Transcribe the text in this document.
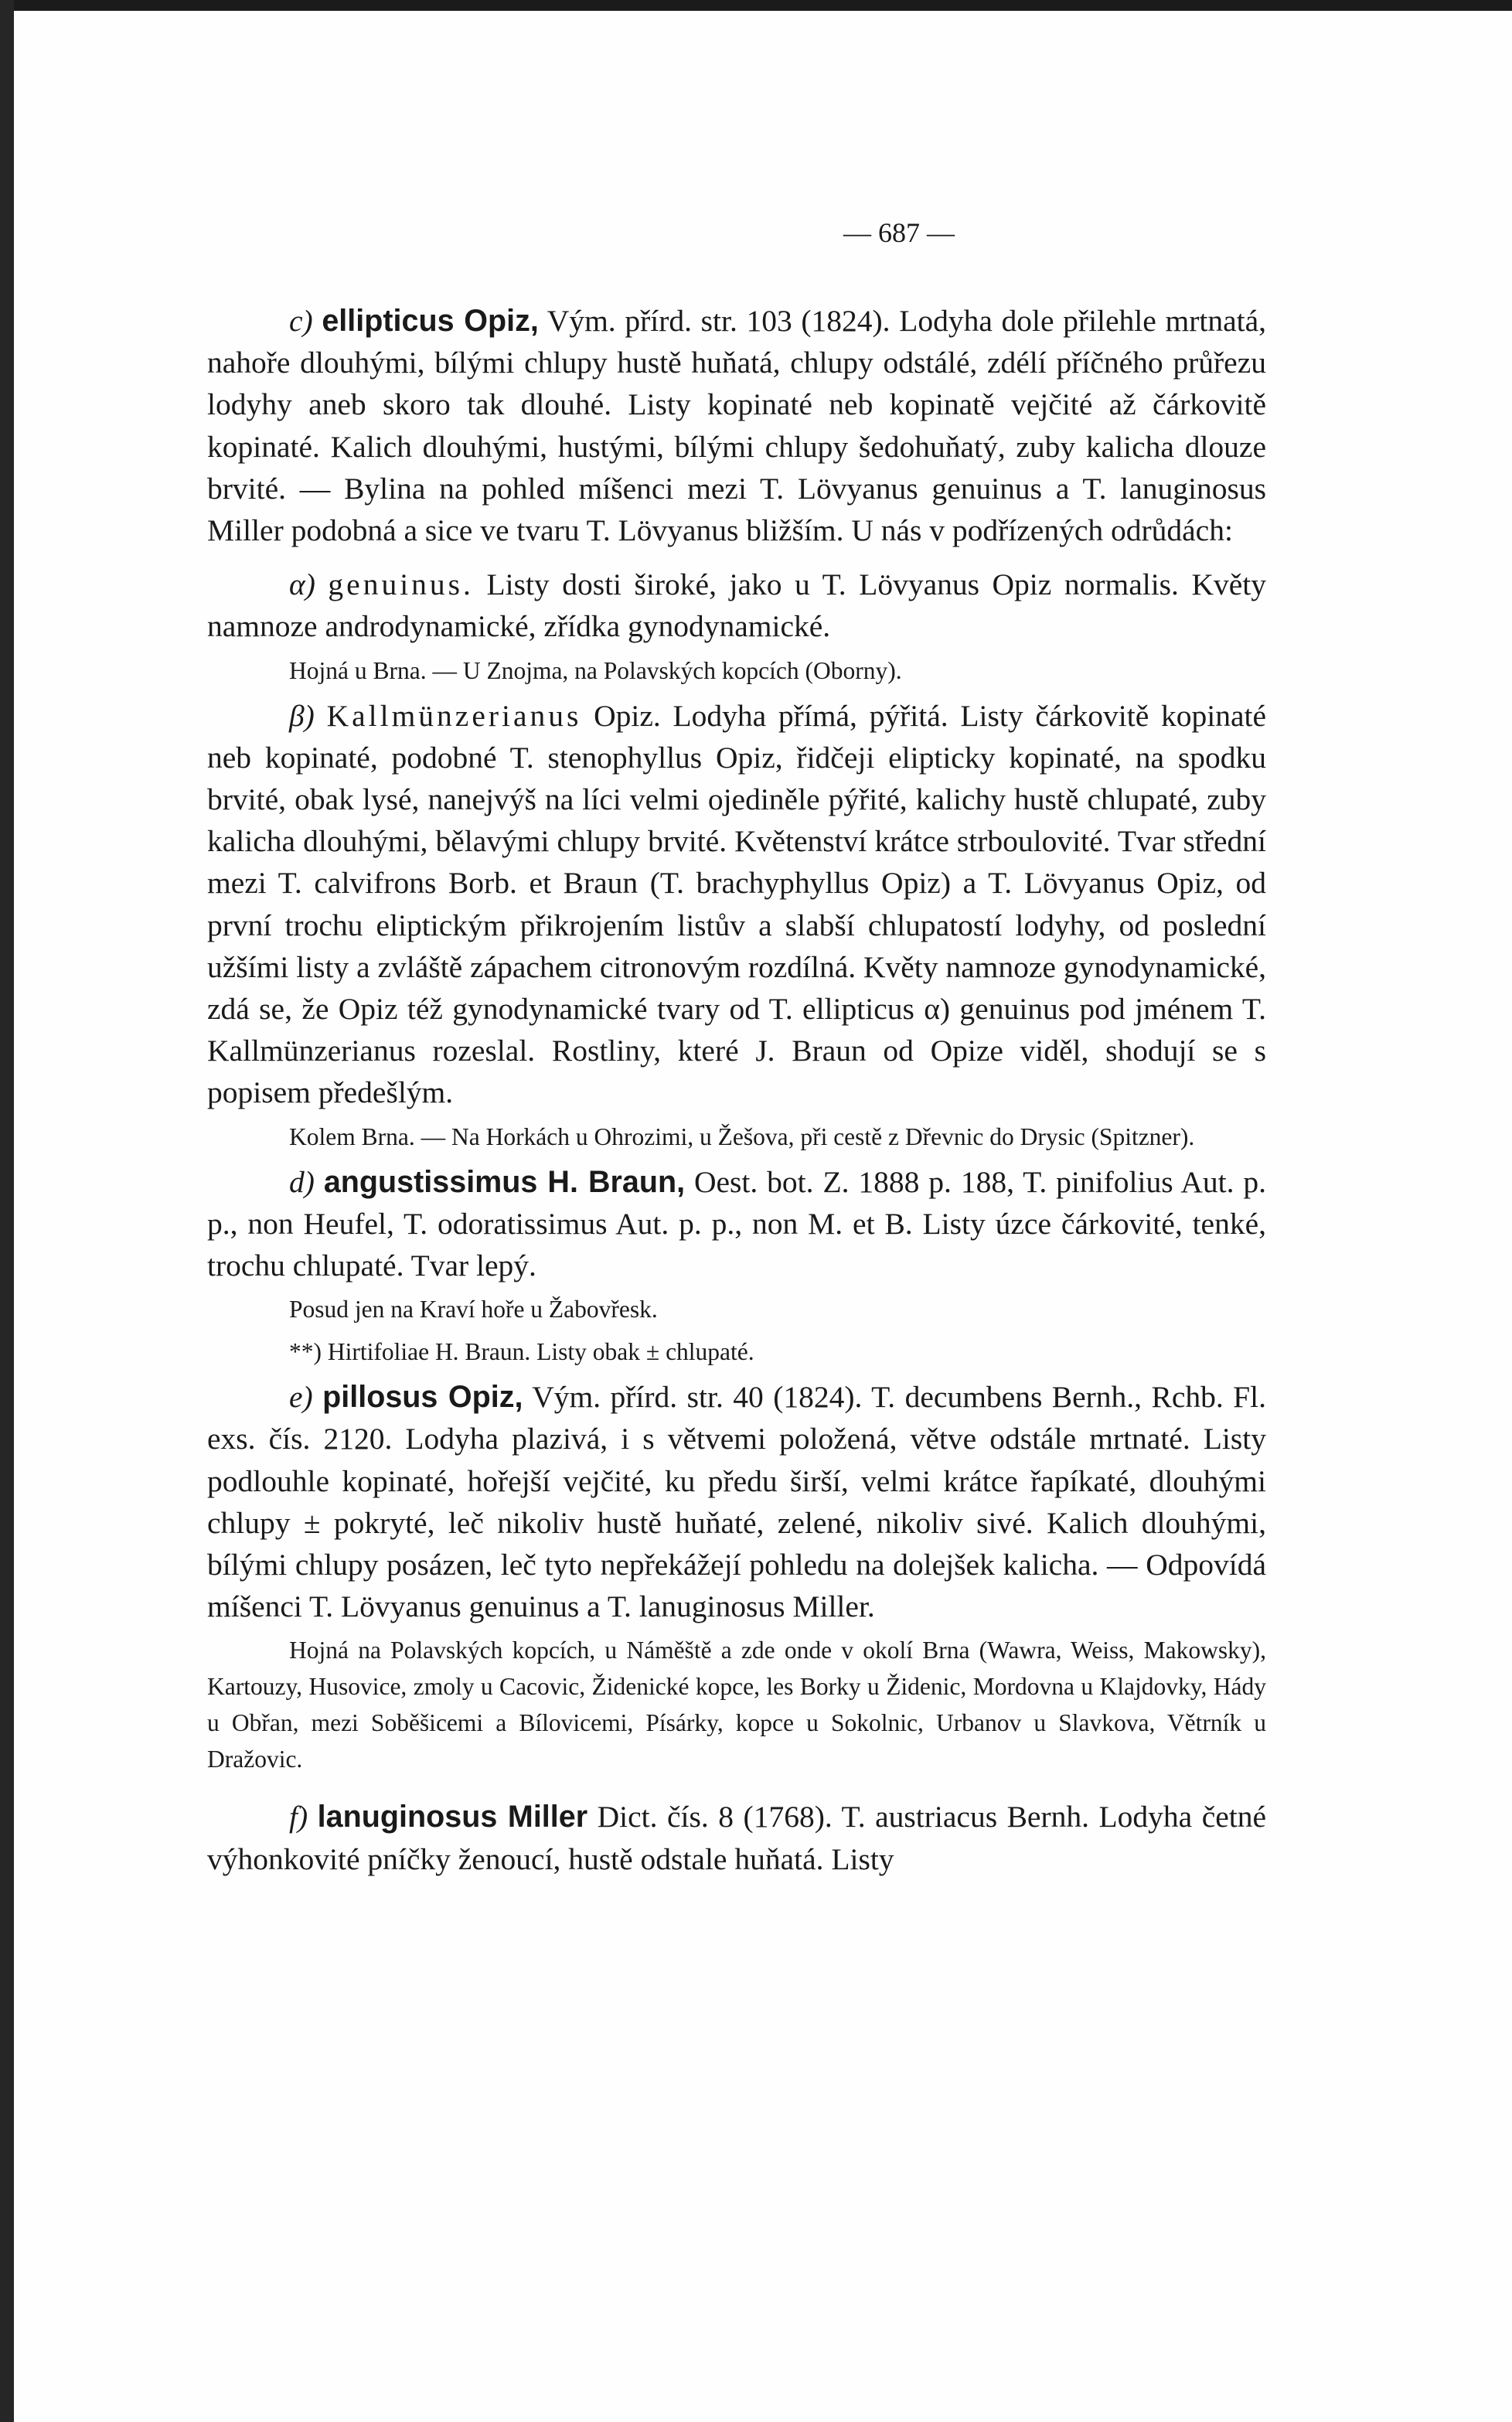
— 687 —

c) ellipticus Opiz, Vým. přírd. str. 103 (1824). Lodyha dole přilehle mrtnatá, nahoře dlouhými, bílými chlupy hustě huňatá, chlupy odstálé, zdélí příčného průřezu lodyhy aneb skoro tak dlouhé. Listy kopinaté neb kopinatě vejčité až čárkovitě kopinaté. Kalich dlouhými, hustými, bílými chlupy šedohuňatý, zuby kalicha dlouze brvité. — Bylina na pohled míšenci mezi T. Lövyanus genuinus a T. lanuginosus Miller podobná a sice ve tvaru T. Lövyanus bližším. U nás v podřízených odrůdách:

α) genuinus. Listy dosti široké, jako u T. Lövyanus Opiz normalis. Květy namnoze androdynamické, zřídka gynodynamické.

Hojná u Brna. — U Znojma, na Polavských kopcích (Oborny).

β) Kallmünzerianus Opiz. Lodyha přímá, pýřitá. Listy čárkovitě kopinaté neb kopinaté, podobné T. stenophyllus Opiz, řidčeji elipticky kopinaté, na spodku brvité, obak lysé, nanejvýš na líci velmi ojediněle pýřité, kalichy hustě chlupaté, zuby kalicha dlouhými, bělavými chlupy brvité. Květenství krátce strboulovité. Tvar střední mezi T. calvifrons Borb. et Braun (T. brachyphyllus Opiz) a T. Lövyanus Opiz, od první trochu eliptickým přikrojením listův a slabší chlupatostí lodyhy, od poslední užšími listy a zvláště zápachem citronovým rozdílná. Květy namnoze gynodynamické, zdá se, že Opiz též gynodynamické tvary od T. ellipticus α) genuinus pod jménem T. Kallmünzerianus rozeslal. Rostliny, které J. Braun od Opize viděl, shodují se s popisem předešlým.

Kolem Brna. — Na Horkách u Ohrozimi, u Žešova, při cestě z Dřevnic do Drysic (Spitzner).

d) angustissimus H. Braun, Oest. bot. Z. 1888 p. 188, T. pinifolius Aut. p. p., non Heufel, T. odoratissimus Aut. p. p., non M. et B. Listy úzce čárkovité, tenké, trochu chlupaté. Tvar lepý.

Posud jen na Kraví hoře u Žabovřesk.

**) Hirtifoliae H. Braun. Listy obak ± chlupaté.

e) pillosus Opiz, Vým. přírd. str. 40 (1824). T. decumbens Bernh., Rchb. Fl. exs. čís. 2120. Lodyha plazivá, i s větvemi položená, větve odstále mrtnaté. Listy podlouhle kopinaté, hořejší vejčité, ku předu širší, velmi krátce řapíkaté, dlouhými chlupy ± pokryté, leč nikoliv hustě huňaté, zelené, nikoliv sivé. Kalich dlouhými, bílými chlupy posázen, leč tyto nepřekážejí pohledu na dolejšek kalicha. — Odpovídá míšenci T. Lövyanus genuinus a T. lanuginosus Miller.

Hojná na Polavských kopcích, u Náměště a zde onde v okolí Brna (Wawra, Weiss, Makowsky), Kartouzy, Husovice, zmoly u Cacovic, Židenické kopce, les Borky u Židenic, Mordovna u Klajdovky, Hády u Obřan, mezi Soběšicemi a Bílovicemi, Písárky, kopce u Sokolnic, Urbanov u Slavkova, Větrník u Dražovic.

f) lanuginosus Miller Dict. čís. 8 (1768). T. austriacus Bernh. Lodyha četné výhonkovité pníčky ženoucí, hustě odstale huňatá. Listy
